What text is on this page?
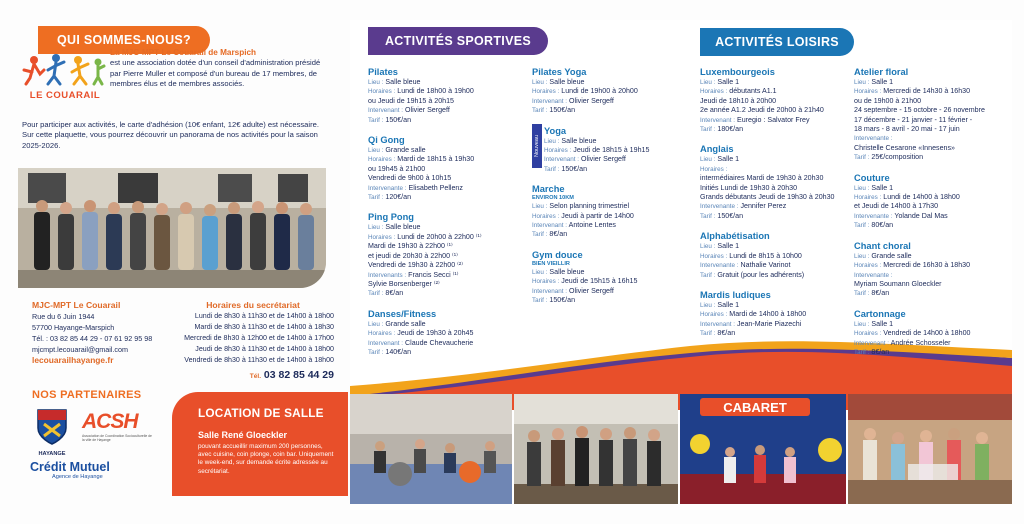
QUI SOMMES-NOUS?
LE COUARAIL
La MJC-MPT Le Couarail de Marspich
est une association dotée d'un conseil d'administration présidé par Pierre Muller et composé d'un bureau de 17 membres, de membres élus et de membres associés.
Pour participer aux activités, le carte d'adhésion (10€ enfant, 12€ adulte) est nécessaire. Sur cette plaquette, vous pourrez découvrir un panorama de nos activités pour la saison 2025-2026.
MJC-MPT Le Couarail
Rue du 6 Juin 1944
57700 Hayange-Marspich
Tél. : 03 82 85 44 29 - 07 61 92 95 98
mjcmpt.lecouarail@gmail.com
lecouarailhayange.fr
Horaires du secrétariat
Lundi de 8h30 à 11h30 et de 14h00 à 18h00
Mardi de 8h30 à 11h30 et de 14h00 à 18h30
Mercredi de 8h30 à 12h00 et de 14h00 à 17h00
Jeudi de 8h30 à 11h30 et de 14h00 à 18h00
Vendredi de 8h30 à 11h30 et de 14h00 à 18h00
Tél. 03 82 85 44 29
NOS PARTENAIRES
HAYANGE
ACSH
Association de Coordination Socioculturelle de la ville de Hayange
Crédit Mutuel
Agence de Hayange
LOCATION DE SALLE
Salle René Gloeckler
pouvant accueillir maximum 200 personnes, avec cuisine, coin plonge, coin bar. Uniquement le week-end, sur demande écrite adressée au secrétariat.
ACTIVITÉS SPORTIVES	ACTIVITÉS LOISIRS
Pilates
Lieu : Salle bleue
Horaires : Lundi de 18h00 à 19h00
ou Jeudi de 19h15 à 20h15
Intervenant : Olivier Sergeff
Tarif : 150€/an
Qi Gong
Lieu : Grande salle
Horaires : Mardi de 18h15 à 19h30
ou 19h45 à 21h00
Vendredi de 9h00 à 10h15
Intervenante : Elisabeth Pellenz
Tarif : 120€/an
Ping Pong
Lieu : Salle bleue
Horaires : Lundi de 20h00 à 22h00 ⁽¹⁾
Mardi de 19h30 à 22h00 ⁽¹⁾
et jeudi de 20h30 à 22h00 ⁽¹⁾
Vendredi de 19h30 à 22h00 ⁽²⁾
Intervenants : Francis Secci ⁽¹⁾
Sylvie Borsenberger ⁽²⁾
Tarif : 8€/an
Danses/Fitness
Lieu : Grande salle
Horaires : Jeudi de 19h30 à 20h45
Intervenant : Claude Chevaucherie
Tarif : 140€/an
Pilates Yoga
Lieu : Salle bleue
Horaires : Lundi de 19h00 à 20h00
Intervenant : Olivier Sergeff
Tarif : 150€/an
Yoga
Lieu : Salle bleue
Horaires : Jeudi de 18h15 à 19h15
Intervenant : Olivier Sergeff
Tarif : 150€/an
Marche
ENVIRON 10KM
Lieu : Selon planning trimestriel
Horaires : Jeudi à partir de 14h00
Intervenant : Antoine Lentes
Tarif : 8€/an
Gym douce
BIEN VIEILLIR
Lieu : Salle bleue
Horaires : Jeudi de 15h15 à 16h15
Intervenant : Olivier Sergeff
Tarif : 150€/an
Nouveau
Luxembourgeois
Lieu : Salle 1
Horaires : débutants A1.1
Jeudi de 18h10 à 20h00
2e année A1.2 Jeudi de 20h00 à 21h40
Intervenant : Euregio : Salvator Frey
Tarif : 180€/an
Anglais
Lieu : Salle 1
Horaires :
intermédiaires Mardi de 19h30 à 20h30
Initiés Lundi de 19h30 à 20h30
Grands débutants Jeudi de 19h30 à 20h30
Intervenante : Jennifer Perez
Tarif : 150€/an
Alphabétisation
Lieu : Salle 1
Horaires : Lundi de 8h15 à 10h00
Intervenante : Nathalie Varinot
Tarif : Gratuit (pour les adhérents)
Mardis ludiques
Lieu : Salle 1
Horaires : Mardi de 14h00 à 18h00
Intervenant : Jean-Marie Piazechi
Tarif : 8€/an
Atelier floral
Lieu : Salle 1
Horaires : Mercredi de 14h30 à 16h30
ou de 19h00 à 21h00
24 septembre - 15 octobre - 26 novembre
17 décembre - 21 janvier - 11 février -
18 mars - 8 avril - 20 mai - 17 juin
Intervenante :
Christelle Cesarone «Innesens»
Tarif : 25€/composition
Couture
Lieu : Salle 1
Horaires : Lundi de 14h00 à 18h00
et Jeudi de 14h00 à 17h30
Intervenante : Yolande Dal Mas
Tarif : 80€/an
Chant choral
Lieu : Grande salle
Horaires : Mercredi de 16h30 à 18h30
Intervenante :
Myriam Soumann Gloeckler
Tarif : 8€/an
Cartonnage
Lieu : Salle 1
Horaires : Vendredi de 14h00 à 18h00
Intervenant : Andrée Schosseler
Tarif : 8€/an
CABARET
